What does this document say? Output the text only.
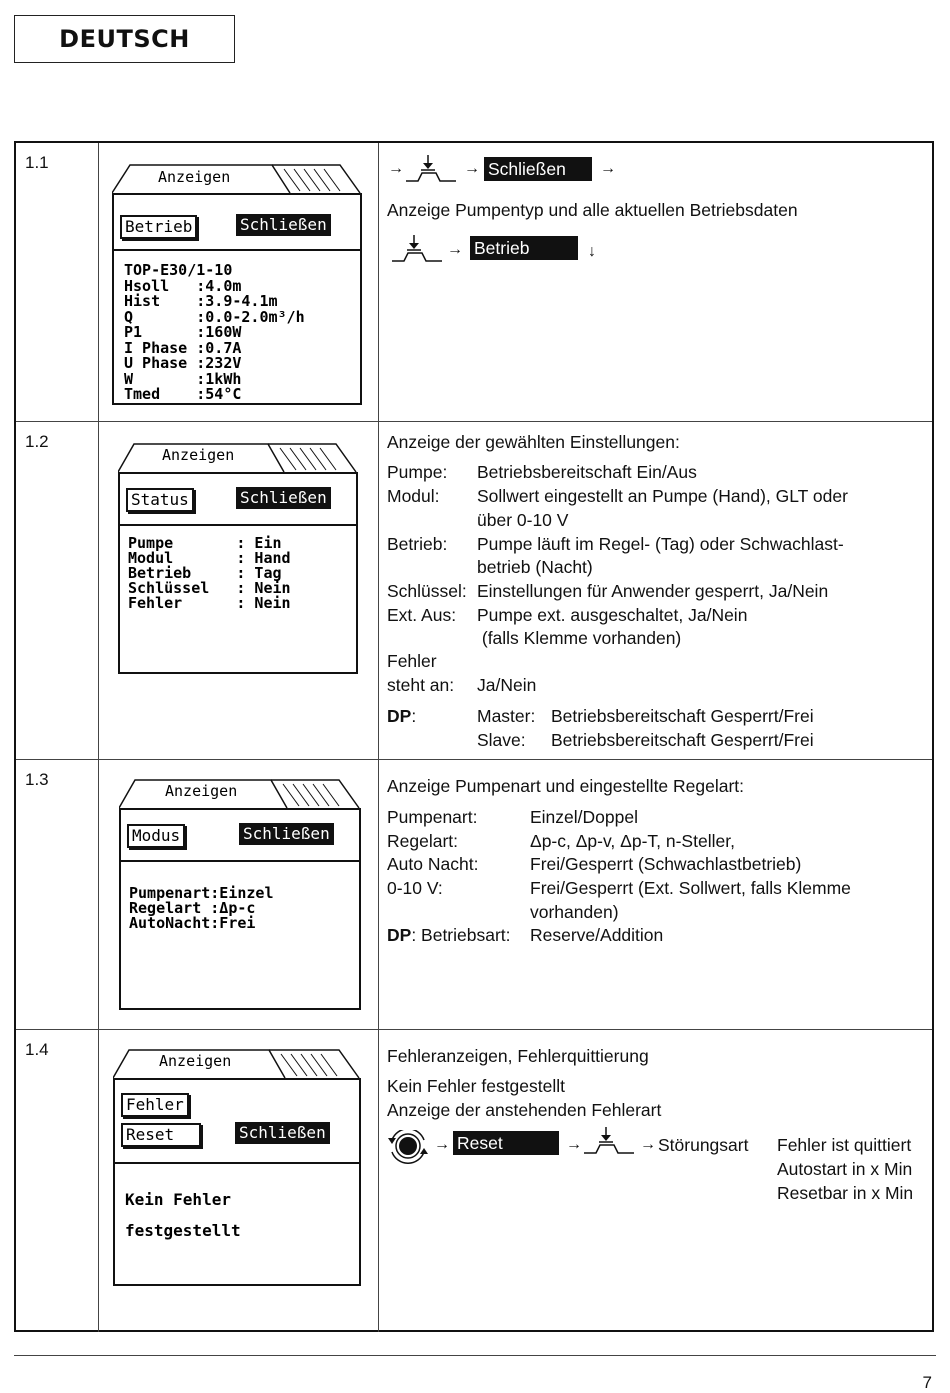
DEUTSCH
1.1
Anzeigen
Betrieb	Schließen
TOP-E30/1-10
Hsoll   :4.0m
Hist    :3.9-4.1m
Q       :0.0-2.0m³/h
P1      :160W
I Phase :0.7A
U Phase :232V
W       :1kWh
Tmed    :54°C
→	→ Schließen	→
Anzeige Pumpentyp und alle aktuellen Betriebsdaten
→ Betrieb	↓
1.2
Anzeigen
Status	Schließen
Pumpe       : Ein
Modul       : Hand
Betrieb     : Tag
Schlüssel   : Nein
Fehler      : Nein
Anzeige der gewählten Einstellungen:
Pumpe: Betriebsbereitschaft Ein/Aus
Modul: Sollwert eingestellt an Pumpe (Hand), GLT oder
über 0-10 V
Betrieb: Pumpe läuft im Regel- (Tag) oder Schwachlast-
betrieb (Nacht)
Schlüssel: Einstellungen für Anwender gesperrt, Ja/Nein
Ext. Aus: Pumpe ext. ausgeschaltet, Ja/Nein
(falls Klemme vorhanden)
Fehler
steht an: Ja/Nein
DP:	Master: Betriebsbereitschaft Gesperrt/Frei
Slave: Betriebsbereitschaft Gesperrt/Frei
1.3
Anzeigen
Modus	Schließen
Pumpenart:Einzel
Regelart :Δp-c
AutoNacht:Frei
Anzeige Pumpenart und eingestellte Regelart:
Pumpenart:	Einzel/Doppel
Regelart:	Δp-c, Δp-v, Δp-T, n-Steller,
Auto Nacht:	Frei/Gesperrt (Schwachlastbetrieb)
0-10 V:	Frei/Gesperrt (Ext. Sollwert, falls Klemme
vorhanden)
DP: Betriebsart: Reserve/Addition
1.4
Anzeigen
Fehler
Reset	Schließen
Kein Fehler
festgestellt
Fehleranzeigen, Fehlerquittierung
Kein Fehler festgestellt
Anzeige der anstehenden Fehlerart
→ Reset	→	→ Störungsart Fehler ist quittiert
Autostart in x Min
Resetbar in x Min
7
